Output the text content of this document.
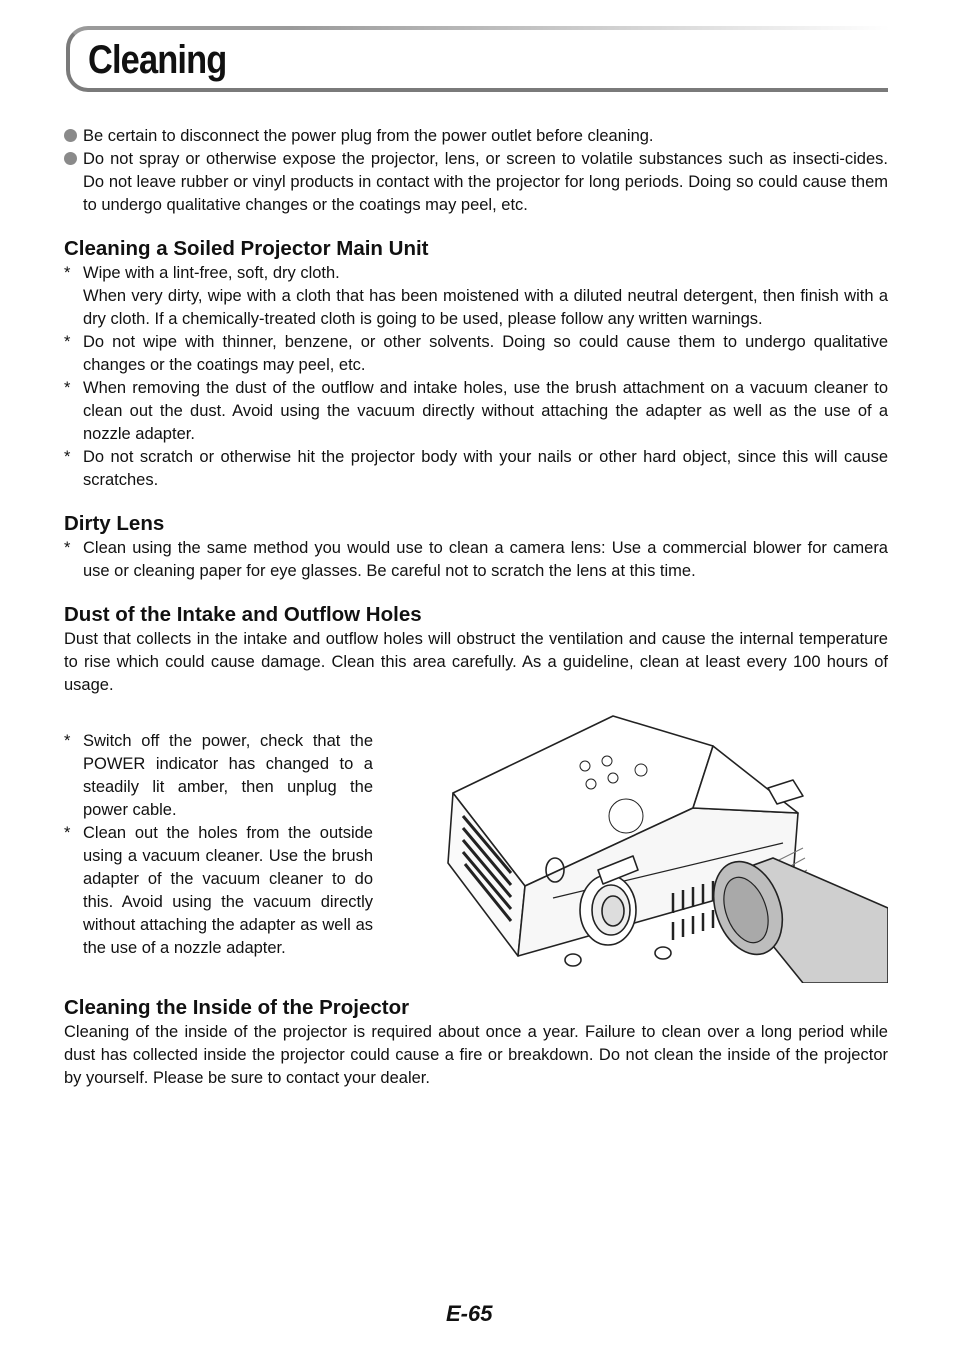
Cleaning
Be certain to disconnect the power plug from the power outlet before cleaning.
Do not spray or otherwise expose the projector, lens, or screen to volatile substances such as insecti-cides. Do not leave rubber or vinyl products in contact with the projector for long periods. Doing so could cause them to undergo qualitative changes or the coatings may peel, etc.
Cleaning a Soiled Projector Main Unit
* Wipe with a lint-free, soft, dry cloth.
When very dirty, wipe with a cloth that has been moistened with a diluted neutral detergent, then finish with a dry cloth. If a chemically-treated cloth is going to be used, please follow any written warnings.
* Do not wipe with thinner, benzene, or other solvents. Doing so could cause them to undergo qualitative changes or the coatings may peel, etc.
* When removing the dust of the outflow and intake holes, use the brush attachment on a vacuum cleaner to clean out the dust. Avoid using the vacuum directly without attaching the adapter as well as the use of a nozzle adapter.
* Do not scratch or otherwise hit the projector body with your nails or other hard object, since this will cause scratches.
Dirty Lens
* Clean using the same method you would use to clean a camera lens: Use a commercial blower for camera use or cleaning paper for eye glasses. Be careful not to scratch the lens at this time.
Dust of the Intake and Outflow Holes

Dust that collects in the intake and outflow holes will obstruct the ventilation and cause the internal temperature to rise which could cause damage. Clean this area carefully. As a guideline, clean at least every 100 hours of usage.

* Switch off the power, check that the POWER indicator has changed to a steadily lit amber, then unplug the power cable.
* Clean out the holes from the outside using a vacuum cleaner. Use the brush adapter of the vacuum cleaner to do this. Avoid using the vacuum directly without attaching the adapter as well as the use of a nozzle adapter.
Cleaning the Inside of the Projector

Cleaning of the inside of the projector is required about once a year. Failure to clean over a long period while dust has collected inside the projector could cause a fire or breakdown. Do not clean the inside of the projector by yourself. Please be sure to contact your dealer.

E-65
